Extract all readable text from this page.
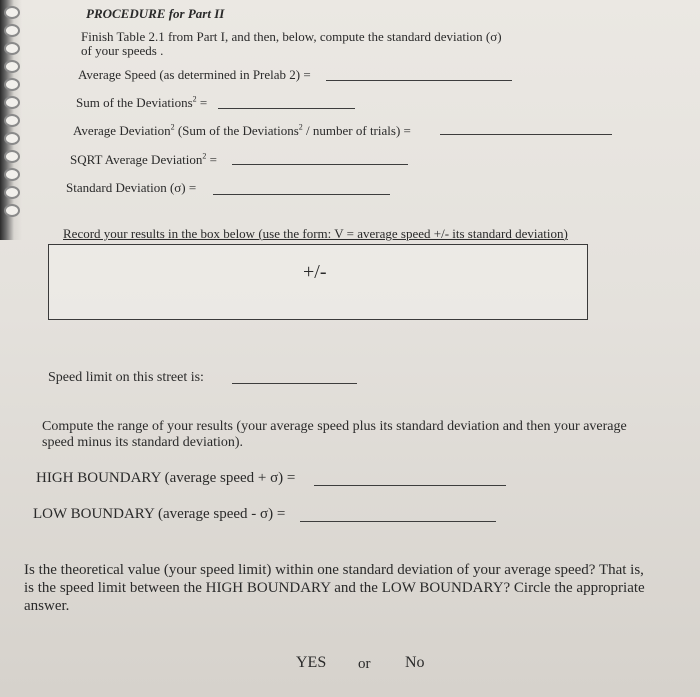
PROCEDURE for Part II
Finish Table 2.1 from Part I, and then, below, compute the standard deviation (σ)
of your speeds .
Average Speed (as determined in Prelab 2) =
Sum of the Deviations$^2$ =
Average Deviation$^2$ (Sum of the Deviations$^2$ / number of trials) =
SQRT Average Deviation$^2$ =
Standard Deviation (σ) =
Record your results in the box below (use the form: V = average speed +/- its standard deviation)
+/-
Speed limit on this street is:
Compute the range of your results (your average speed plus its standard deviation and then your average
speed minus its standard deviation).
HIGH BOUNDARY (average speed + σ) =
LOW BOUNDARY (average speed - σ) =
Is the theoretical value (your speed limit) within one standard deviation of your average speed? That is,
is the speed limit between the HIGH BOUNDARY and the LOW BOUNDARY? Circle the appropriate
answer.
YES or No
